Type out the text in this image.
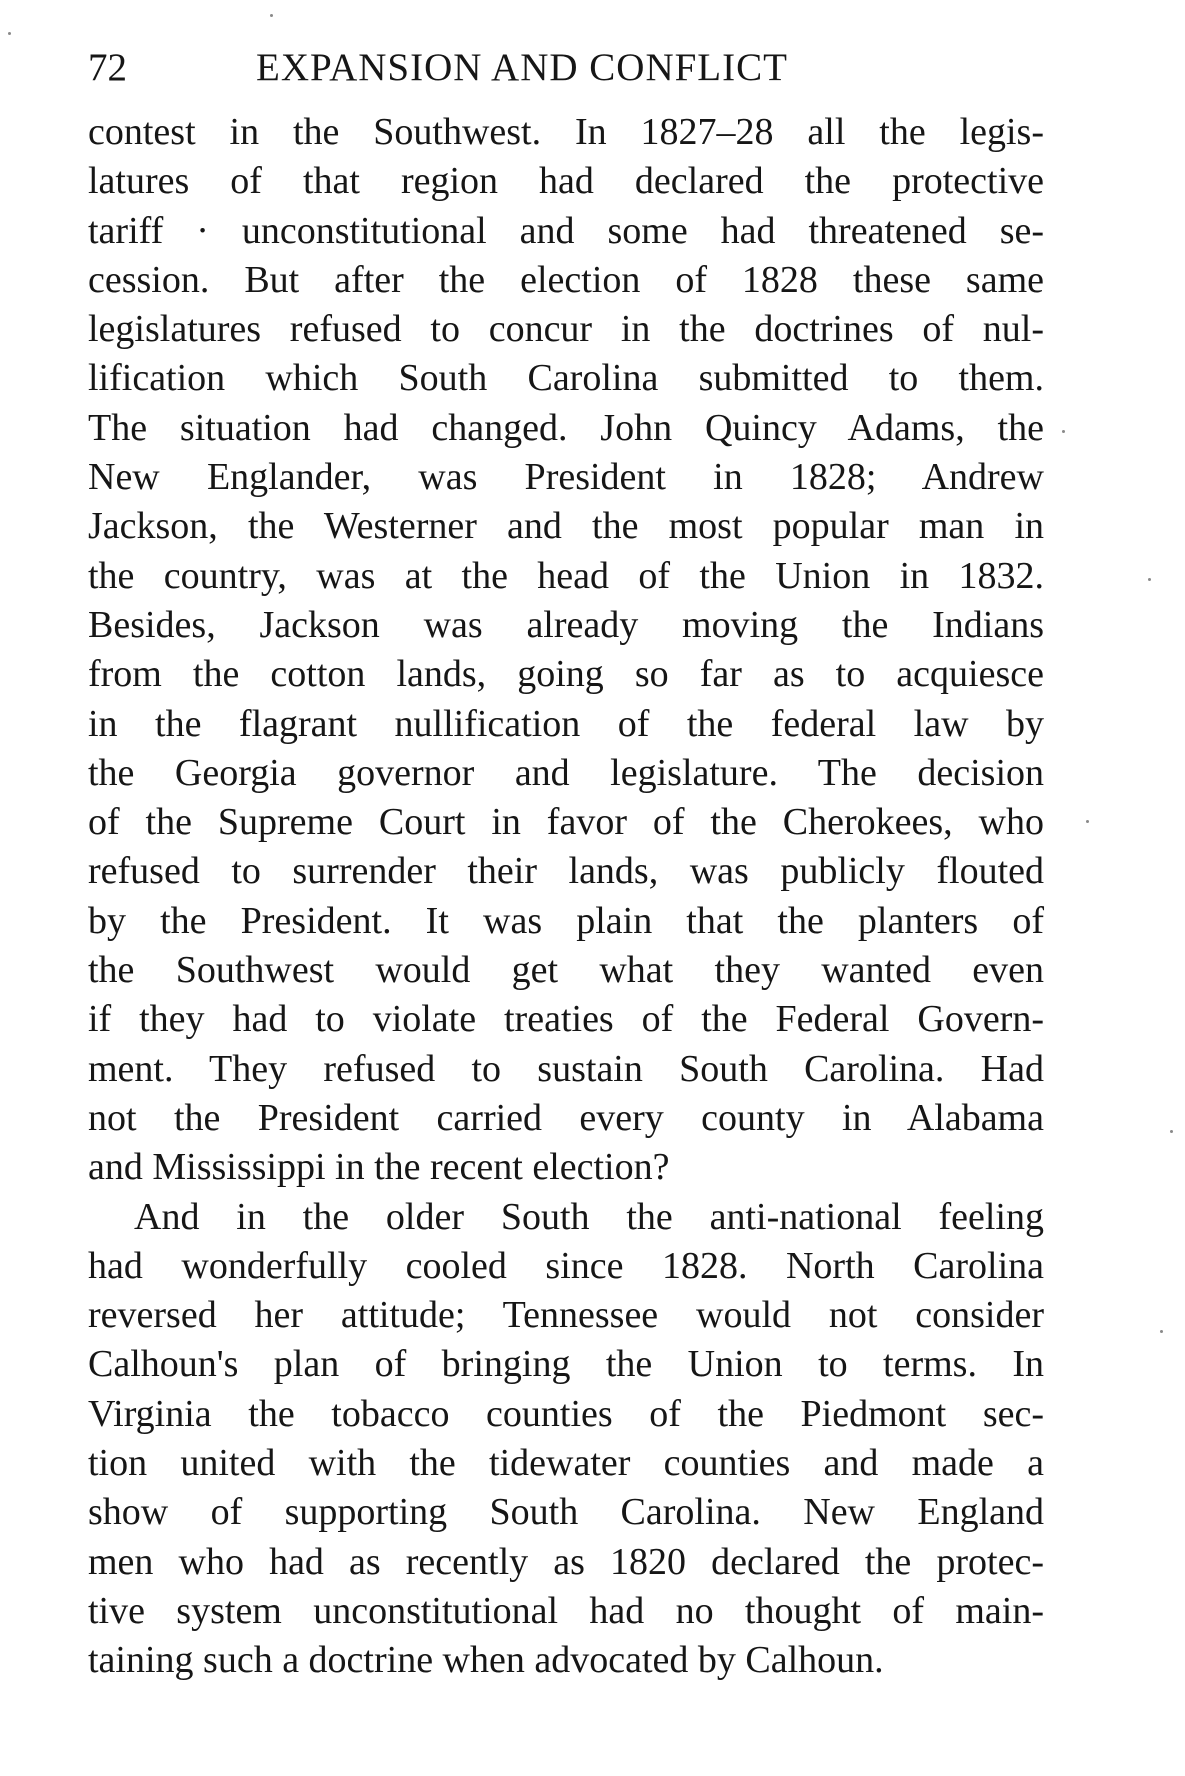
72	EXPANSION AND CONFLICT
contest in the Southwest. In 1827–28 all the legis-
latures of that region had declared the protective
tariff · unconstitutional and some had threatened se-
cession. But after the election of 1828 these same
legislatures refused to concur in the doctrines of nul-
lification which South Carolina submitted to them.
The situation had changed. John Quincy Adams, the
New Englander, was President in 1828; Andrew
Jackson, the Westerner and the most popular man in
the country, was at the head of the Union in 1832.
Besides, Jackson was already moving the Indians
from the cotton lands, going so far as to acquiesce
in the flagrant nullification of the federal law by
the Georgia governor and legislature. The decision
of the Supreme Court in favor of the Cherokees, who
refused to surrender their lands, was publicly flouted
by the President. It was plain that the planters of
the Southwest would get what they wanted even
if they had to violate treaties of the Federal Govern-
ment. They refused to sustain South Carolina. Had
not the President carried every county in Alabama
and Mississippi in the recent election?
And in the older South the anti-national feeling
had wonderfully cooled since 1828. North Carolina
reversed her attitude; Tennessee would not consider
Calhoun's plan of bringing the Union to terms. In
Virginia the tobacco counties of the Piedmont sec-
tion united with the tidewater counties and made a
show of supporting South Carolina. New England
men who had as recently as 1820 declared the protec-
tive system unconstitutional had no thought of main-
taining such a doctrine when advocated by Calhoun.
